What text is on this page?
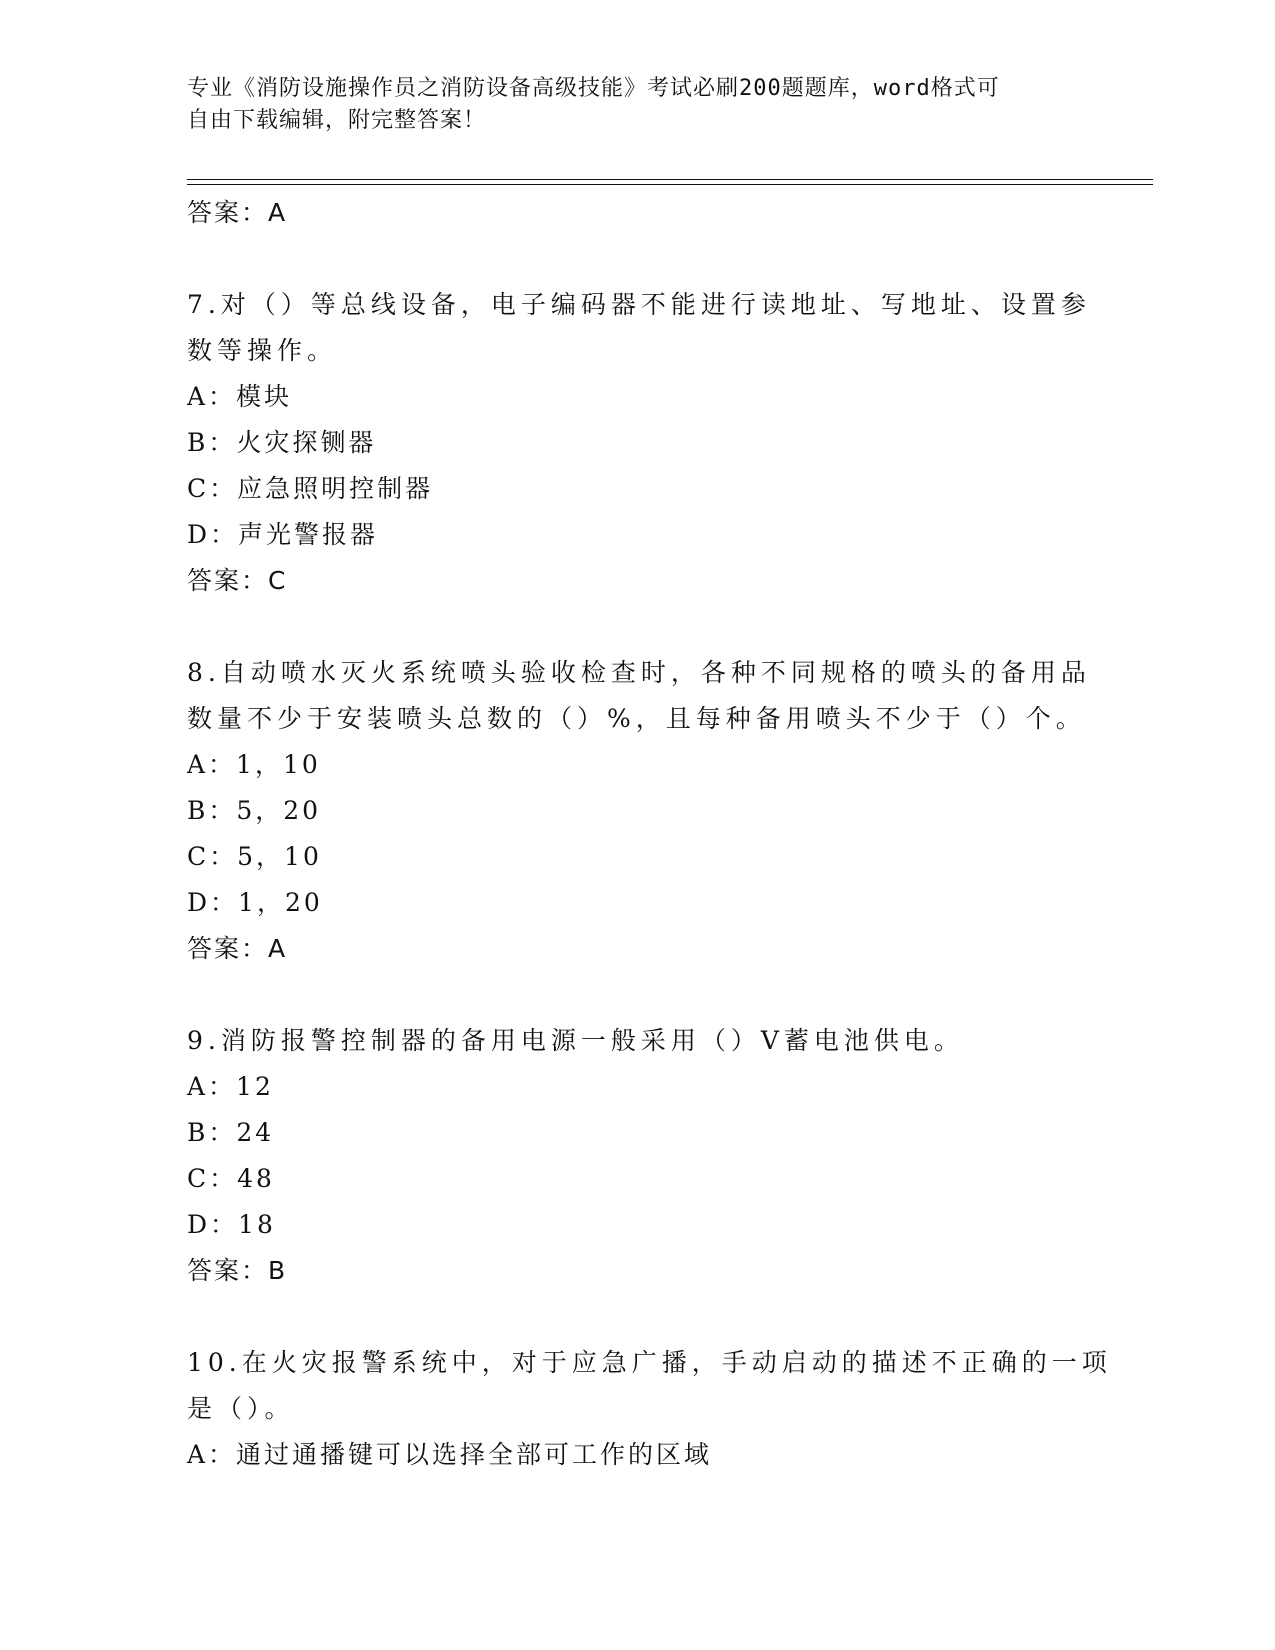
专业《消防设施操作员之消防设备高级技能》考试必刷200题题库，word格式可
自由下载编辑，附完整答案！
答案：A
7.对（）等总线设备，电子编码器不能进行读地址、写地址、设置参
数等操作。
A：模块
B：火灾探铡器
C：应急照明控制器
D：声光警报器
答案：C
8.自动喷水灭火系统喷头验收检查时，各种不同规格的喷头的备用品
数量不少于安装喷头总数的（）%，且每种备用喷头不少于（）个。
A：1，10
B：5，20
C：5，10
D：1，20
答案：A
9.消防报警控制器的备用电源一般采用（）V蓄电池供电。
A：12
B：24
C：48
D：18
答案：B
10.在火灾报警系统中，对于应急广播，手动启动的描述不正确的一项
是（）。
A：通过通播键可以选择全部可工作的区域
